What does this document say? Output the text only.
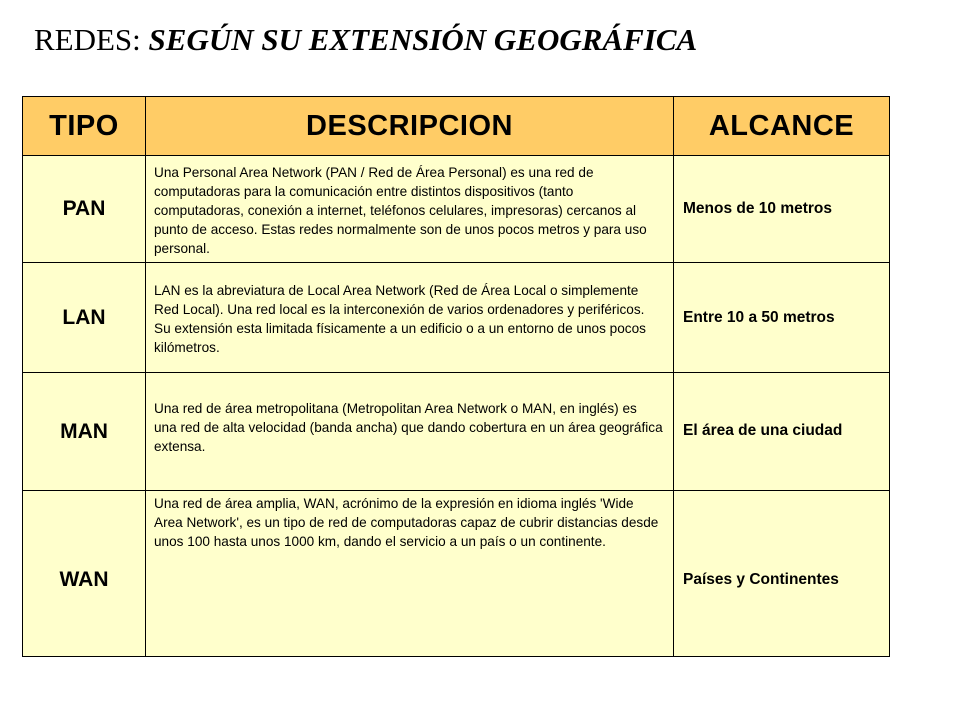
REDES: SEGÚN SU EXTENSIÓN GEOGRÁFICA
TIPO	DESCRIPCION	ALCANCE
PAN	Una Personal Area Network (PAN / Red de Área Personal) es una red de computadoras para la comunicación entre distintos dispositivos (tanto computadoras, conexión a internet, teléfonos celulares, impresoras) cercanos al punto de acceso. Estas redes normalmente son de unos pocos metros y para uso personal.	Menos de 10 metros
LAN	LAN es la abreviatura de Local Area Network (Red de Área Local o simplemente Red Local). Una red local es la interconexión de varios ordenadores y periféricos. Su extensión esta limitada físicamente a un edificio o a un entorno de unos pocos kilómetros.	Entre 10 a 50 metros
MAN	Una red de área metropolitana (Metropolitan Area Network o MAN, en inglés) es una red de alta velocidad (banda ancha) que dando cobertura en un área geográfica extensa.	El área de una ciudad
WAN	Una red de área amplia, WAN, acrónimo de la expresión en idioma inglés 'Wide Area Network', es un tipo de red de computadoras capaz de cubrir distancias desde unos 100 hasta unos 1000 km, dando el servicio a un país o un continente.	Países y Continentes
